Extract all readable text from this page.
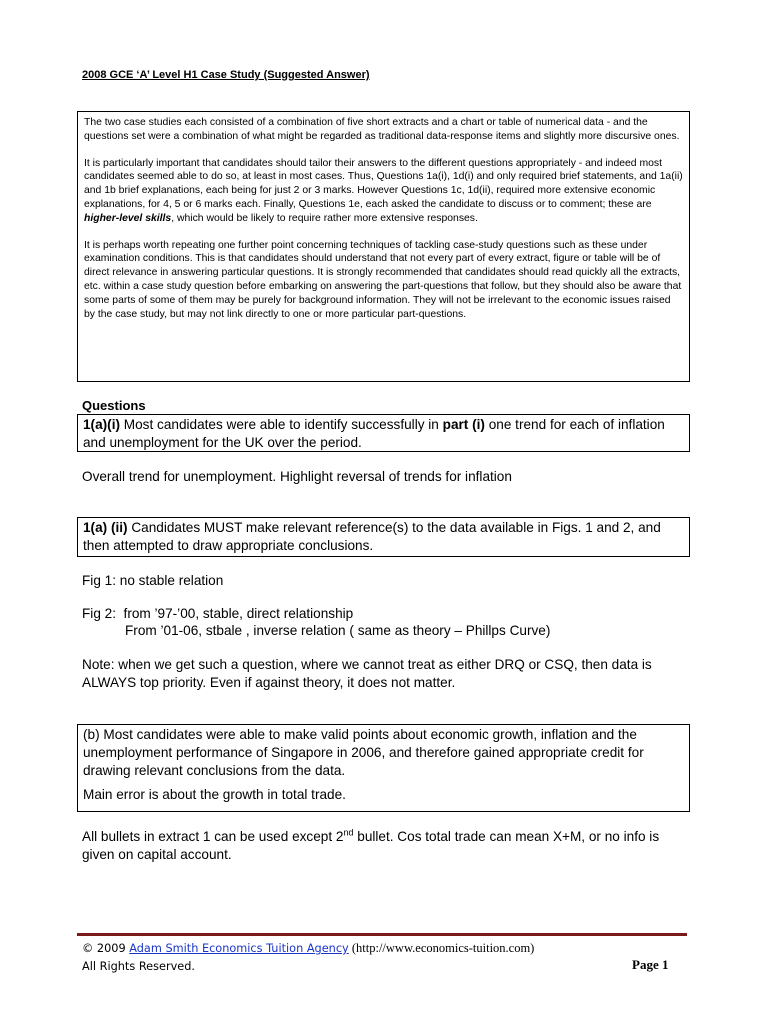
2008 GCE ‘A’ Level H1 Case Study (Suggested Answer)

The two case studies each consisted of a combination of five short extracts and a chart or table of numerical data - and the questions set were a combination of what might be regarded as traditional data-response items and slightly more discursive ones.

It is particularly important that candidates should tailor their answers to the different questions appropriately - and indeed most candidates seemed able to do so, at least in most cases. Thus, Questions 1a(i), 1d(i) and only required brief statements, and 1a(ii) and 1b brief explanations, each being for just 2 or 3 marks. However Questions 1c, 1d(ii), required more extensive economic explanations, for 4, 5 or 6 marks each. Finally, Questions 1e, each asked the candidate to discuss or to comment; these are higher-level skills, which would be likely to require rather more extensive responses.

It is perhaps worth repeating one further point concerning techniques of tackling case-study questions such as these under examination conditions. This is that candidates should understand that not every part of every extract, figure or table will be of direct relevance in answering particular questions. It is strongly recommended that candidates should read quickly all the extracts, etc. within a case study question before embarking on answering the part-questions that follow, but they should also be aware that some parts of some of them may be purely for background information. They will not be irrelevant to the economic issues raised by the case study, but may not link directly to one or more particular part-questions.

Questions
1(a)(i) Most candidates were able to identify successfully in part (i) one trend for each of inflation and unemployment for the UK over the period.
Overall trend for unemployment. Highlight reversal of trends for inflation
1(a) (ii) Candidates MUST make relevant reference(s) to the data available in Figs. 1 and 2, and then attempted to draw appropriate conclusions.
Fig 1: no stable relation
Fig 2:  from ’97-’00, stable, direct relationship
From ’01-06, stbale , inverse relation ( same as theory – Phillps Curve)
Note: when we get such a question, where we cannot treat as either DRQ or CSQ, then data is ALWAYS top priority. Even if against theory, it does not matter.

(b) Most candidates were able to make valid points about economic growth, inflation and the unemployment performance of Singapore in 2006, and therefore gained appropriate credit for drawing relevant conclusions from the data.

Main error is about the growth in total trade.

All bullets in extract 1 can be used except 2nd bullet. Cos total trade can mean X+M, or no info is given on capital account.
© 2009 Adam Smith Economics Tuition Agency (http://www.economics-tuition.com)
All Rights Reserved.	Page 1
